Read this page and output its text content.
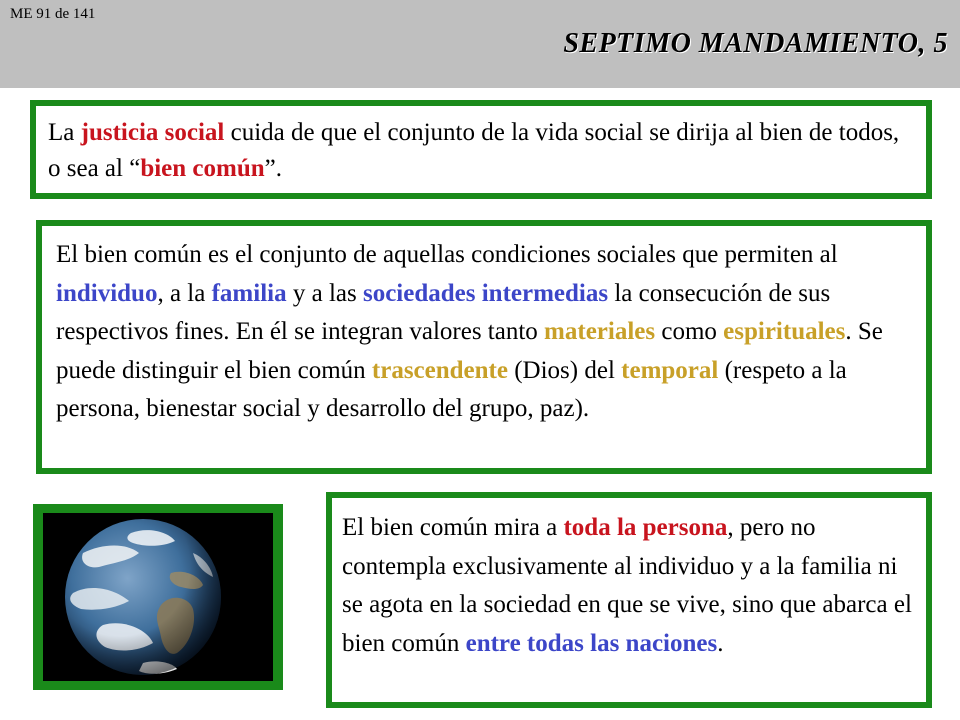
ME 91 de 141
SEPTIMO MANDAMIENTO, 5
La justicia social cuida de que el conjunto de la vida social se dirija al bien de todos, o sea al “bien común”.
El bien común es el conjunto de aquellas condiciones sociales que permiten al individuo, a la familia y a las sociedades intermedias la consecución de sus respectivos fines. En él se integran valores tanto materiales como espirituales. Se puede distinguir el bien común trascendente (Dios) del temporal (respeto a la persona, bienestar social y desarrollo del grupo, paz).
El bien común mira a toda la persona, pero no contempla exclusivamente al individuo y a la familia ni se agota en la sociedad en que se vive, sino que abarca el bien común entre todas las naciones.
